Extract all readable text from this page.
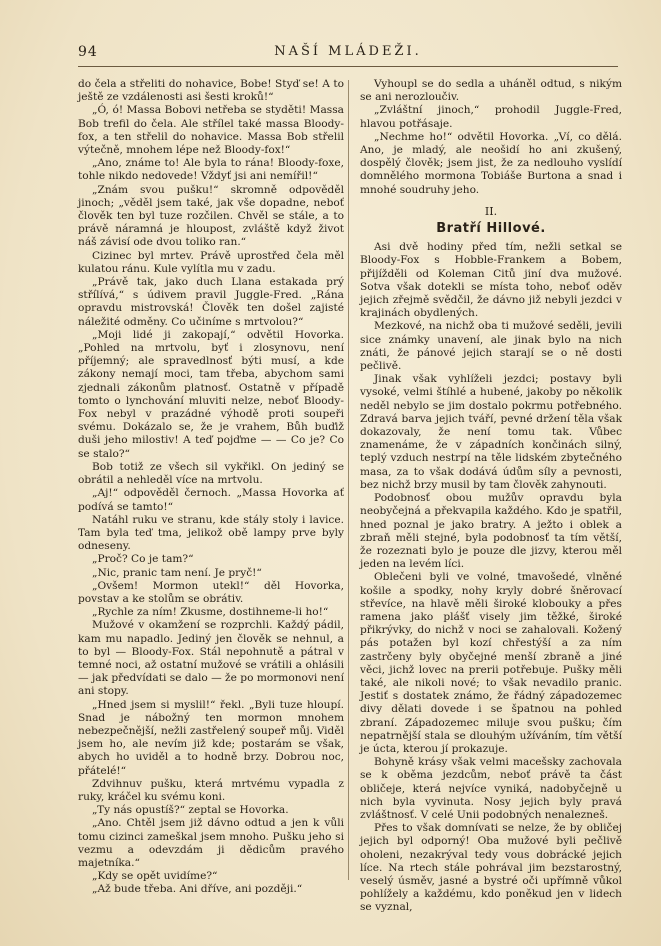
94	NAŠÍ MLÁDEŽI.

do čela a střeliti do nohavice, Bobe! Styď se! A to ještě ze vzdálenosti asi šesti kroků!“

„Ó, ó! Massa Bobovi netřeba se styděti! Massa Bob trefil do čela. Ale střílel také massa Bloody-fox, a ten střelil do nohavice. Massa Bob střelil výtečně, mnohem lépe než Bloody-fox!“

„Ano, známe to! Ale byla to rána! Bloody-foxe, tohle nikdo nedovede! Vždyť jsi ani nemířil!“

„Znám svou pušku!“ skromně odpověděl jinoch; „věděl jsem také, jak vše dopadne, neboť člověk ten byl tuze rozčilen. Chvěl se stále, a to právě náramná je hloupost, zvláště když život náš závisí ode dvou toliko ran.“

Cizinec byl mrtev. Právě uprostřed čela měl kulatou ránu. Kule vylítla mu v zadu.

„Právě tak, jako duch Llana estakada prý střílívá,“ s údivem pravil Juggle-Fred. „Rána opravdu mistrovská! Člověk ten došel zajisté náležité odměny. Co učiníme s mrtvolou?“

„Moji lidé ji zakopají,“ odvětil Hovorka. „Pohled na mrtvolu, byť i zlosynovu, není příjemný; ale spravedlnosť býti musí, a kde zákony nemají moci, tam třeba, abychom sami zjednali zákonům platnosť. Ostatně v případě tomto o lynchování mluviti nelze, neboť Bloody-Fox nebyl v prazádné výhodě proti soupeři svému. Dokázalo se, že je vrahem, Bůh buďiž duši jeho milostiv! A teď pojďme — — Co je? Co se stalo?“

Bob totiž ze všech sil vykřikl. On jediný se obrátil a nehleděl více na mrtvolu.

„Aj!“ odpověděl černoch. „Massa Hovorka ať podívá se tamto!“

Natáhl ruku ve stranu, kde stály stoly i lavice. Tam byla teď tma, jelikož obě lampy prve byly odneseny.

„Proč? Co je tam?“

„Nic, pranic tam není. Je pryč!“

„Ovšem! Mormon utekl!“ děl Hovorka, povstav a ke stolům se obrátiv.

„Rychle za ním! Zkusme, dostihneme-li ho!“

Mužové v okamžení se rozprchli. Každý pádil, kam mu napadlo. Jediný jen člověk se nehnul, a to byl — Bloody-Fox. Stál nepohnutě a pátral v temné noci, až ostatní mužové se vrátili a ohlásili — jak předvídati se dalo — že po mormonovi není ani stopy.

„Hned jsem si myslil!“ řekl. „Byli tuze hloupí. Snad je nábožný ten mormon mnohem nebezpečnější, nežli zastřelený soupeř můj. Viděl jsem ho, ale nevím již kde; postarám se však, abych ho uviděl a to hodně brzy. Dobrou noc, přátelé!“

Zdvihnuv pušku, která mrtvému vypadla z ruky, kráčel ku svému koni.

„Ty nás opustíš?“ zeptal se Hovorka.

„Ano. Chtěl jsem již dávno odtud a jen k vůli tomu cizinci zameškal jsem mnoho. Pušku jeho si vezmu a odevzdám ji dědicům pravého majetníka.“

„Kdy se opět uvidíme?“

„Až bude třeba. Ani dříve, ani později.“

Vyhoupl se do sedla a uháněl odtud, s nikým se ani nerozloučiv.

„Zvláštní jinoch,“ prohodil Juggle-Fred, hlavou potřásaje.

„Nechme ho!“ odvětil Hovorka. „Ví, co dělá. Ano, je mladý, ale neošidí ho ani zkušený, dospělý člověk; jsem jist, že za nedlouho vyslídí domnělého mormona Tobiáše Burtona a snad i mnohé soudruhy jeho.

II.
Bratří Hillové.

Asi dvě hodiny před tím, nežli setkal se Bloody-Fox s Hobble-Frankem a Bobem, přijížděli od Koleman Citů jiní dva mužové. Sotva však dotekli se místa toho, neboť oděv jejich zřejmě svědčil, že dávno již nebyli jezdci v krajinách obydlených.

Mezkové, na nichž oba ti mužové seděli, jevili sice známky unavení, ale jinak bylo na nich znáti, že pánové jejich starají se o ně dosti pečlivě.

Jinak však vyhlíželi jezdci; postavy byli vysoké, velmi štíhlé a hubené, jakoby po několik neděl nebylo se jim dostalo pokrmu potřebného. Zdravá barva jejich tváří, pevné držení těla však dokazovaly, že není tomu tak. Vůbec znamenáme, že v západních končinách silný, teplý vzduch nestrpí na těle lidském zbytečného masa, za to však dodává údům síly a pevnosti, bez nichž brzy musil by tam člověk zahynouti.

Podobnosť obou mužův opravdu byla neobyčejná a překvapila každého. Kdo je spatřil, hned poznal je jako bratry. A ježto i oblek a zbraň měli stejné, byla podobnosť ta tím větší, že rozeznati bylo je pouze dle jizvy, kterou měl jeden na levém líci.

Oblečeni byli ve volné, tmavošedé, vlněné košile a spodky, nohy kryly dobré šněrovací střevíce, na hlavě měli široké klobouky a přes ramena jako plášť visely jim těžké, široké přikrývky, do nichž v noci se zahalovali. Kožený pás potažen byl kozí chřestýší a za ním zastrčeny byly obyčejné menší zbraně a jiné věci, jichž lovec na prerii potřebuje. Pušky měli také, ale nikoli nové; to však nevadilo pranic. Jestiť s dostatek známo, že řádný západozemec divy dělati dovede i se špatnou na pohled zbraní. Západozemec miluje svou pušku; čím nepatrnější stala se dlouhým užíváním, tím větší je úcta, kterou jí prokazuje.

Bohyně krásy však velmi macešsky zachovala se k oběma jezdcům, neboť právě ta část obličeje, která nejvíce vyniká, nadobyčejně u nich byla vyvinuta. Nosy jejich byly pravá zvláštnosť. V celé Unii podobných nenalezneš.

Přes to však domnívati se nelze, že by obličej jejich byl odporný! Oba mužové byli pečlivě oholeni, nezakrýval tedy vous dobrácké jejich líce. Na rtech stále pohrával jim bezstarostný, veselý úsměv, jasné a bystré oči upřímně vůkol pohlížely a každému, kdo poněkud jen v lidech se vyznal,
